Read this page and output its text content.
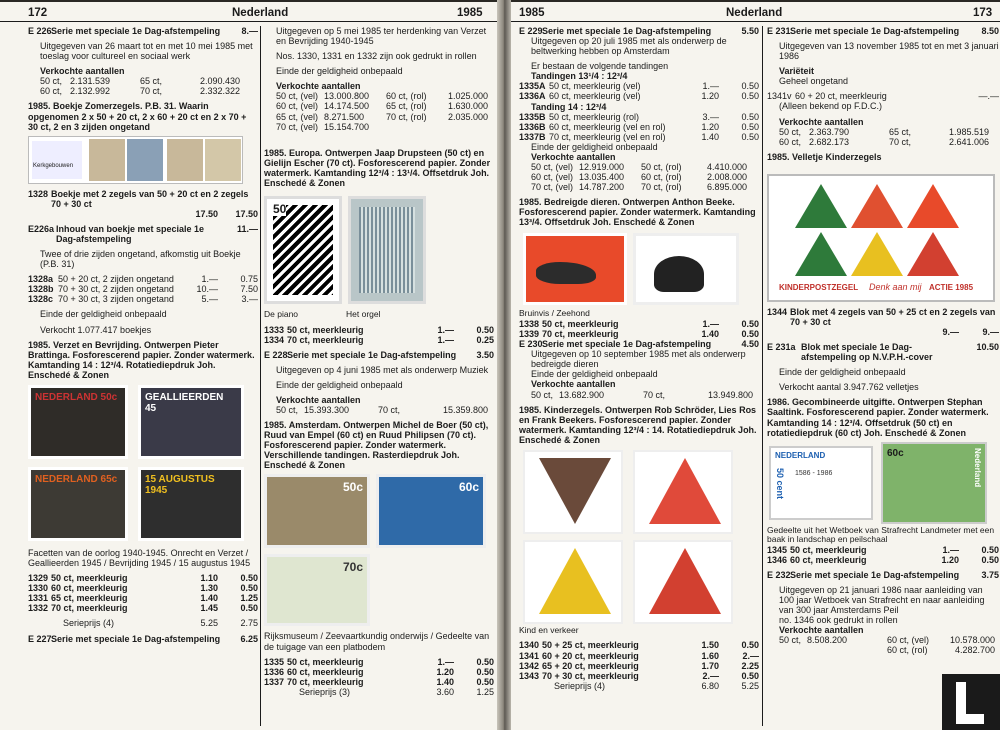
172	Nederland	1985
E 226 Serie met speciale 1e Dag-afstempeling	8.—
Uitgegeven van 26 maart tot en met 10 mei 1985 met toeslag voor cultureel en sociaal werk
Verkochte aantallen
50 ct, 2.131.539	65 ct,	2.090.430
60 ct, 2.132.992	70 ct,	2.332.322
1985. Boekje Zomerzegels. P.B. 31. Waarin opgenomen 2 x 50 + 20 ct, 2 x 60 + 20 ct en 2 x 70 + 30 ct, 2 en 3 zijden ongetand
Kerkgebouwen
1328 Boekje met 2 zegels van 50 + 20 ct en 2 zegels 70 + 30 ct
17.50	17.50
E226a Inhoud van boekje met speciale 1e Dag-afstempeling
11.—
Twee of drie zijden ongetand, afkomstig uit Boekje (P.B. 31)
1328a 50 + 20 ct, 2 zijden ongetand	1.—	0.75
1328b 70 + 30 ct, 2 zijden ongetand	10.—	7.50
1328c 70 + 30 ct, 3 zijden ongetand	5.—	3.—
Einde der geldigheid onbepaald
Verkocht 1.077.417 boekjes
1985. Verzet en Bevrijding. Ontwerpen Pieter Brattinga. Fosforescerend papier. Zonder watermerk. Kamtanding 14 : 12³/4. Rotatiediepdruk Joh. Enschedé & Zonen
NEDERLAND 50c	GEALLIEERDEN 45
NEDERLAND 65c	15 AUGUSTUS 1945
Facetten van de oorlog 1940-1945. Onrecht en Verzet / Geallieerden 1945 / Bevrijding 1945 / 15 augustus 1945
1329 50 ct, meerkleurig	1.10	0.50
1330 60 ct, meerkleurig	1.30	0.50
1331 65 ct, meerkleurig	1.40	1.25
1332 70 ct, meerkleurig	1.45	0.50
Serieprijs (4)	5.25	2.75
E 227 Serie met speciale 1e Dag-afstempeling	6.25
Uitgegeven op 5 mei 1985 ter herdenking van Verzet en Bevrijding 1940-1945
Nos. 1330, 1331 en 1332 zijn ook gedrukt in rollen
Einde der geldigheid onbepaald
Verkochte aantallen
50 ct, (vel) 13.000.800	60 ct, (rol)	1.025.000
60 ct, (vel) 14.174.500	65 ct, (rol)	1.630.000
65 ct, (vel) 8.271.500	70 ct, (rol)	2.035.000
70 ct, (vel) 15.154.700
1985. Europa. Ontwerpen Jaap Drupsteen (50 ct) en Gielijn Escher (70 ct). Fosforescerend papier. Zonder watermerk. Kamtanding 12³/4 : 13¹/4. Offsetdruk Joh. Enschedé & Zonen
50
De piano	Het orgel
1333 50 ct, meerkleurig	1.—	0.50
1334 70 ct, meerkleurig	1.—	0.25
E 228 Serie met speciale 1e Dag-afstempeling	3.50
Uitgegeven op 4 juni 1985 met als onderwerp Muziek
Einde der geldigheid onbepaald
Verkochte aantallen
50 ct, 15.393.300	70 ct,	15.359.800
1985. Amsterdam. Ontwerpen Michel de Boer (50 ct), Ruud van Empel (60 ct) en Ruud Philipsen (70 ct). Fosforescerend papier. Zonder watermerk. Verschillende tandingen. Rasterdiepdruk Joh. Enschedé & Zonen
50c	60c
70c
Rijksmuseum / Zeevaartkundig onderwijs / Gedeelte van de tuigage van een platbodem
1335 50 ct, meerkleurig	1.—	0.50
1336 60 ct, meerkleurig	1.20	0.50
1337 70 ct, meerkleurig	1.40	0.50
Serieprijs (3)	3.60	1.25
1985	Nederland	173
E 229 Serie met speciale 1e Dag-afstempeling	5.50
Uitgegeven op 20 juli 1985 met als onderwerp de beltwerking hebben op Amsterdam
Er bestaan de volgende tandingen
Tandingen 13¹/4 : 12³/4
1335A 50 ct, meerkleurig (vel)	1.—	0.50
1336A 60 ct, meerkleurig (vel)	1.20	0.50
Tanding 14 : 12³/4
1335B 50 ct, meerkleurig (rol)	3.—	0.50
1336B 60 ct, meerkleurig (vel en rol)	1.20	0.50
1337B 70 ct, meerkleurig (vel en rol)	1.40	0.50
Einde der geldigheid onbepaald
Verkochte aantallen
50 ct, (vel) 12.919.000	50 ct, (rol)	4.410.000
60 ct, (vel) 13.035.400	60 ct, (rol)	2.008.000
70 ct, (vel) 14.787.200	70 ct, (rol)	6.895.000
1985. Bedreigde dieren. Ontwerpen Anthon Beeke. Fosforescerend papier. Zonder watermerk. Kamtanding 13³/4. Offsetdruk Joh. Enschedé & Zonen
Bruinvis / Zeehond
1338 50 ct, meerkleurig	1.—	0.50
1339 70 ct, meerkleurig	1.40	0.50
E 230 Serie met speciale 1e Dag-afstempeling	4.50
Uitgegeven op 10 september 1985 met als onderwerp bedreigde dieren
Einde der geldigheid onbepaald
Verkochte aantallen
50 ct, 13.682.900	70 ct,	13.949.800
1985. Kinderzegels. Ontwerpen Rob Schröder, Lies Ros en Frank Beekers. Fosforescerend papier. Zonder watermerk. Kamtanding 12³/4 : 14. Rotatiediepdruk Joh. Enschedé & Zonen
Kind en verkeer
1340 50 + 25 ct, meerkleurig	1.50	0.50
1341 60 + 20 ct, meerkleurig	1.60	2.—
1342 65 + 20 ct, meerkleurig	1.70	2.25
1343 70 + 30 ct, meerkleurig	2.—	0.50
Serieprijs (4)	6.80	5.25
E 231 Serie met speciale 1e Dag-afstempeling	8.50
Uitgegeven van 13 november 1985 tot en met 3 januari 1986
Variëteit
Geheel ongetand
1341v 60 + 20 ct, meerkleurig	—.—
(Alleen bekend op F.D.C.)
Verkochte aantallen
50 ct, 2.363.790	65 ct,	1.985.519
60 ct, 2.682.173	70 ct,	2.641.006
1985. Velletje Kinderzegels
KINDERPOSTZEGEL Denk aan mij ACTIE 1985
1344 Blok met 4 zegels van 50 + 25 ct en 2 zegels van 70 + 30 ct
9.—	9.—
E 231a Blok met speciale 1e Dag-afstempeling op N.V.P.H.-cover
10.50
Einde der geldigheid onbepaald
Verkocht aantal 3.947.762 velletjes
1986. Gecombineerde uitgifte. Ontwerpen Stephan Saaltink. Fosforescerend papier. Zonder watermerk. Kamtanding 14 : 12³/4. Offsetdruk (50 ct) en rotatiediepdruk (60 ct) Joh. Enschedé & Zonen
NEDERLAND
50 cent 1586 - 1986
60c	Nederland
Gedeelte uit het Wetboek van Strafrecht Landmeter met een baak in landschap en peilschaal
1345 50 ct, meerkleurig	1.—	0.50
1346 60 ct, meerkleurig	1.20	0.50
E 232 Serie met speciale 1e Dag-afstempeling	3.75
Uitgegeven op 21 januari 1986 naar aanleiding van 100 jaar Wetboek van Strafrecht en naar aanleiding van 300 jaar Amsterdams Peil
no. 1346 ook gedrukt in rollen
Verkochte aantallen
50 ct, 8.508.200	60 ct, (vel)	10.578.000
60 ct, (rol)	4.282.700
